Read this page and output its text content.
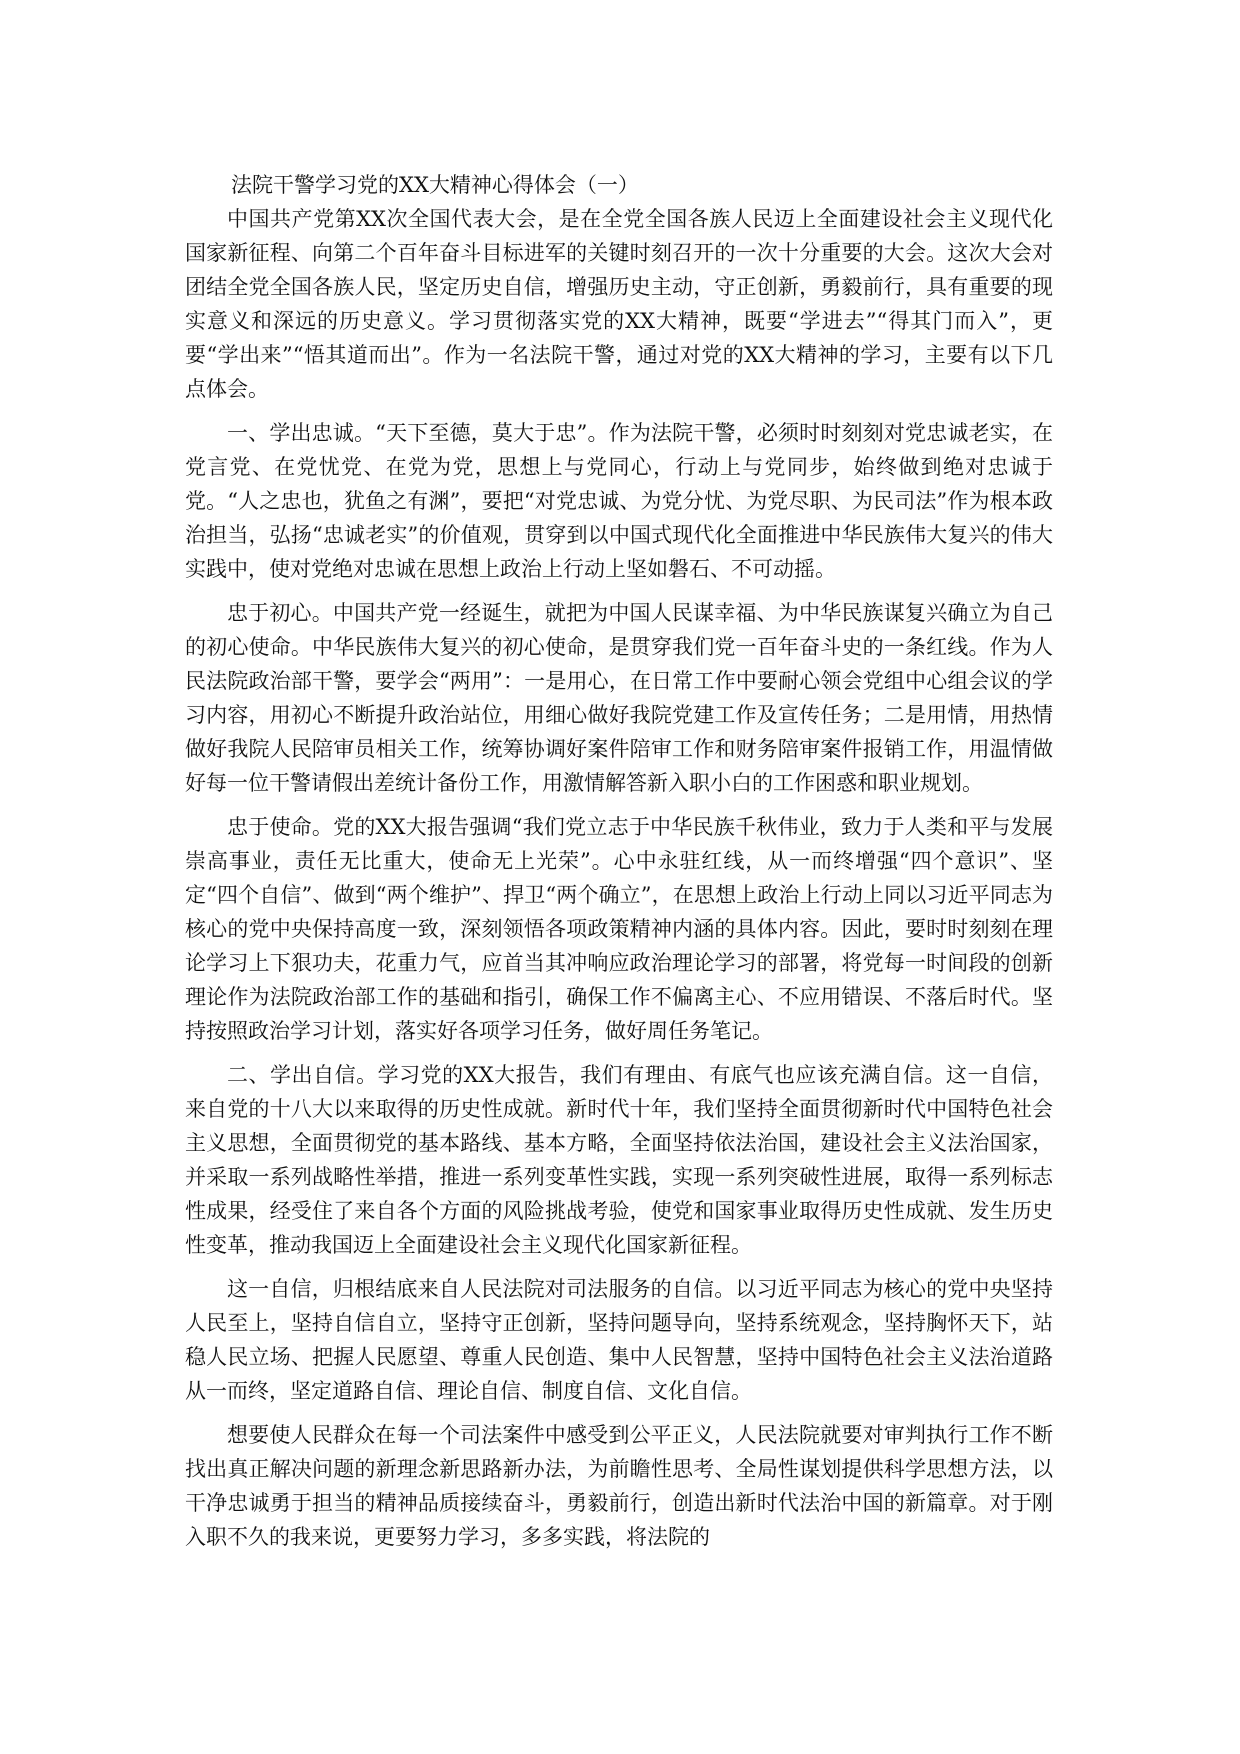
法院干警学习党的XX大精神心得体会（一）

中国共产党第XX次全国代表大会，是在全党全国各族人民迈上全面建设社会主义现代化国家新征程、向第二个百年奋斗目标进军的关键时刻召开的一次十分重要的大会。这次大会对团结全党全国各族人民，坚定历史自信，增强历史主动，守正创新，勇毅前行，具有重要的现实意义和深远的历史意义。学习贯彻落实党的XX大精神，既要“学进去”“得其门而入”，更要“学出来”“悟其道而出”。作为一名法院干警，通过对党的XX大精神的学习，主要有以下几点体会。

一、学出忠诚。“天下至德，莫大于忠”。作为法院干警，必须时时刻刻对党忠诚老实，在党言党、在党忧党、在党为党，思想上与党同心，行动上与党同步，始终做到绝对忠诚于党。“人之忠也，犹鱼之有渊”，要把“对党忠诚、为党分忧、为党尽职、为民司法”作为根本政治担当，弘扬“忠诚老实”的价值观，贯穿到以中国式现代化全面推进中华民族伟大复兴的伟大实践中，使对党绝对忠诚在思想上政治上行动上坚如磐石、不可动摇。

忠于初心。中国共产党一经诞生，就把为中国人民谋幸福、为中华民族谋复兴确立为自己的初心使命。中华民族伟大复兴的初心使命，是贯穿我们党一百年奋斗史的一条红线。作为人民法院政治部干警，要学会“两用”：一是用心，在日常工作中要耐心领会党组中心组会议的学习内容，用初心不断提升政治站位，用细心做好我院党建工作及宣传任务；二是用情，用热情做好我院人民陪审员相关工作，统筹协调好案件陪审工作和财务陪审案件报销工作，用温情做好每一位干警请假出差统计备份工作，用激情解答新入职小白的工作困惑和职业规划。

忠于使命。党的XX大报告强调“我们党立志于中华民族千秋伟业，致力于人类和平与发展崇高事业，责任无比重大，使命无上光荣”。心中永驻红线，从一而终增强“四个意识”、坚定“四个自信”、做到“两个维护”、捍卫“两个确立”，在思想上政治上行动上同以习近平同志为核心的党中央保持高度一致，深刻领悟各项政策精神内涵的具体内容。因此，要时时刻刻在理论学习上下狠功夫，花重力气，应首当其冲响应政治理论学习的部署，将党每一时间段的创新理论作为法院政治部工作的基础和指引，确保工作不偏离主心、不应用错误、不落后时代。坚持按照政治学习计划，落实好各项学习任务，做好周任务笔记。

二、学出自信。学习党的XX大报告，我们有理由、有底气也应该充满自信。这一自信，来自党的十八大以来取得的历史性成就。新时代十年，我们坚持全面贯彻新时代中国特色社会主义思想，全面贯彻党的基本路线、基本方略，全面坚持依法治国，建设社会主义法治国家，并采取一系列战略性举措，推进一系列变革性实践，实现一系列突破性进展，取得一系列标志性成果，经受住了来自各个方面的风险挑战考验，使党和国家事业取得历史性成就、发生历史性变革，推动我国迈上全面建设社会主义现代化国家新征程。

这一自信，归根结底来自人民法院对司法服务的自信。以习近平同志为核心的党中央坚持人民至上，坚持自信自立，坚持守正创新，坚持问题导向，坚持系统观念，坚持胸怀天下，站稳人民立场、把握人民愿望、尊重人民创造、集中人民智慧，坚持中国特色社会主义法治道路从一而终，坚定道路自信、理论自信、制度自信、文化自信。

想要使人民群众在每一个司法案件中感受到公平正义，人民法院就要对审判执行工作不断找出真正解决问题的新理念新思路新办法，为前瞻性思考、全局性谋划提供科学思想方法，以干净忠诚勇于担当的精神品质接续奋斗，勇毅前行，创造出新时代法治中国的新篇章。对于刚入职不久的我来说，更要努力学习，多多实践，将法院的
